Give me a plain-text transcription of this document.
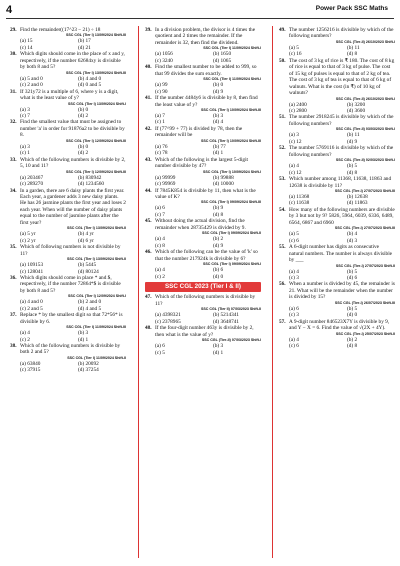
4	Power Pack SSC Maths
29. Find the remainder((17^23 − 21) ÷ 18
SSC CGL (Tier I) 13/09/2024 Shift-III
(a) 15	(b) 17
(c) 14	(d) 21
30. Which digits should come in the place of x and y, respectively, if the number 62684xy is divisible by both 8 and 5?
SSC CGL (Tier I) 13/09/2024 Shift-III
(a) 5 and 0	(b) 4 and 0
(c) 2 and 0	(d) 0 and 5
31. If 321y72 is a multiple of 6, where y is a digit, what is the least value of y?
SSC CGL (Tier I) 13/09/2024 Shift-I
(a) 3	(b) 0
(c) 7	(d) 2
32. Find the smallest value that must be assigned to number 'a' in order for 91876a2 to be divisible by 8.
SSC CGL (Tier I) 12/09/2024 Shift-III
(a) 3	(b) 0
(c) 1	(d) 2
33. Which of the following numbers is divisible by 2, 5, 10 and 11?
SSC CGL (Tier I) 12/09/2024 Shift-III
(a) 203467	(b) 830942
(c) 289270	(d) 1234560
34. In a garden, there are 6 daisy plants the first year. Each year, a gardener adds 3 new daisy plants. He has 26 jasmine plants the first year and loses 2 each year. When will the number of daisy plants equal to the number of jasmine plants after the first year?
SSC CGL (Tier I) 13/09/2024 Shift-II
(a) 5 yr	(b) 4 yr
(c) 2 yr	(d) 6 yr
35. Which of following numbers is not divisible by 11?
SSC CGL (Tier I) 13/09/2024 Shift-II
(a) 109153	(b) 5445
(c) 128041	(d) 80124
36. Which digits should come in place * and $, respectively, if the number 72864*$ is divisible by both 8 and 5?
SSC CGL (Tier I) 12/09/2024 Shift-I
(a) 4 and 0	(b) 2 and 0
(c) 2 and 5	(d) 4 and 5
37. Replace * by the smallest digit so that 72*56* is divisible by 6.
SSC CGL (Tier I) 11/09/2024 Shift-III
(a) 4	(b) 3
(c) 2	(d) 1
38. Which of the following numbers is divisible by both 2 and 5?
SSC CGL (Tier I) 11/09/2024 Shift-II
(a) 63840	(b) 20092
(c) 37915	(d) 37254
39. In a division problem, the divisor is 4 times the quotient and 2 times the remainder. If the remainder is 32, then find the dividend.
SSC CGL (Tier I) 11/09/2024 Shift-I
(a) 1056	(b) 1650
(c) 3240	(d) 1065
40. Find the smallest number to be added to 999, so that 99 divides the sum exactly.
SSC CGL (Tier I) 11/09/2024 Shift-I
(a) 99	(b) 0
(c) 90	(d) 9
41. If the number 4484y6 is divisible by 8, then find the least value of y?
SSC CGL (Tier I) 10/09/2024 Shift-III
(a) 7	(b) 3
(c) 1	(d) 4
42. If (77^99 + 77) is divided by 78, then the remainder will be
SSC CGL (Tier I) 10/09/2024 Shift-III
(a) 76	(b) 77
(c) 78	(d) 1
43. Which of the following is the largest 5-digit number divisible by 47?
SSC CGL (Tier I) 10/09/2024 Shift-I
(a) 99999	(b) 99888
(c) 99969	(d) 10000
44. If 7845K854 is divisible by 11, then what is the value of K?
SSC CGL (Tier I) 09/09/2024 Shift-III
(a) 6	(b) 9
(c) 7	(d) 8
45. Without doing the actual division, find the remainder when 28735429 is divided by 9.
SSC CGL (Tier I) 09/09/2024 Shift-II
(a) 4	(b) 2
(c) 8	(d) 9
46. Which of the following can be the value of 'k' so that the number 217924k is divisible by 6?
SSC CGL (Tier I) 09/09/2024 Shift-I
(a) 4	(b) 6
(c) 2	(d) 0
SSC CGL 2023 (Tier I & II)
47. Which of the following numbers is divisible by 11?
SSC CGL (Tier II) 07/03/2023 Shift-II
(a) 4398321	(b) 5214341
(c) 2378965	(d) 3648741
48. If the four-digit number 463y is divisible by 2, then what is the value of y?
SSC CGL (Tier-II) 07/03/2023 Shift-I
(a) 6	(b) 3
(c) 5	(d) 1
49. The number 1256216 is divisible by which of the following numbers?
SSC CGL (Tier-II) 26/10/2023 Shift-I
(a) 5	(b) 11
(c) 16	(d) 8
50. The cost of 3 kg of rice is ₹ 180. The cost of 8 kg of rice is equal to that of 3 kg of pulse. The cost of 15 kg of pulses is equal to that of 2 kg of tea. The cost of 3 kg of tea is equal to that of 6 kg of walnuts. What is the cost (in ₹) of 10 kg of walnuts?
SSC CGL (Tier-II) 26/10/2023 Shift-I
(a) 2400	(b) 3200
(c) 2800	(d) 3600
51. The number 2918245 is divisible by which of the following numbers?
SSC CGL (Tier-II) 03/03/2023 Shift-I
(a) 3	(b) 11
(c) 12	(d) 9
52. The number 5769116 is divisible by which of the following numbers?
SSC CGL (Tier-II) 02/03/2023 Shift-I
(a) 4	(b) 5
(c) 12	(d) 8
53. Which number among 11368, 11638, 11863 and 12638 is divisible by 11?
SSC CGL (Tier-I) 27/07/2023 Shift-III
(a) 11368	(b) 12638
(c) 11638	(d) 11863
54. How many of the following numbers are divisible by 3 but not by 9? 5826, 5964, 6039, 6336, 6489, 6564, 6867 and 6960
SSC CGL (Tier-I) 27/07/2023 Shift-III
(a) 5	(b) 4
(c) 6	(d) 3
55. A 6-digit number has digits as consecutive natural numbers. The number is always divisible by ___
SSC CGL (Tier-I) 27/07/2023 Shift-II
(a) 4	(b) 5
(c) 3	(d) 6
56. When a number is divided by 45, the remainder is 21. What will be the remainder when the number is divided by 15?
SSC CGL (Tier-I) 26/07/2023 Shift-III
(a) 6	(b) 5
(c) 3	(d) 0
57. A 9-digit number 846523X7Y is divisible by 9, and Y − X = 6. Find the value of √(2X + 4Y).
SSC CGL (Tier-I) 25/07/2023 Shift-II
(a) 4	(b) 2
(c) 6	(d) 8
